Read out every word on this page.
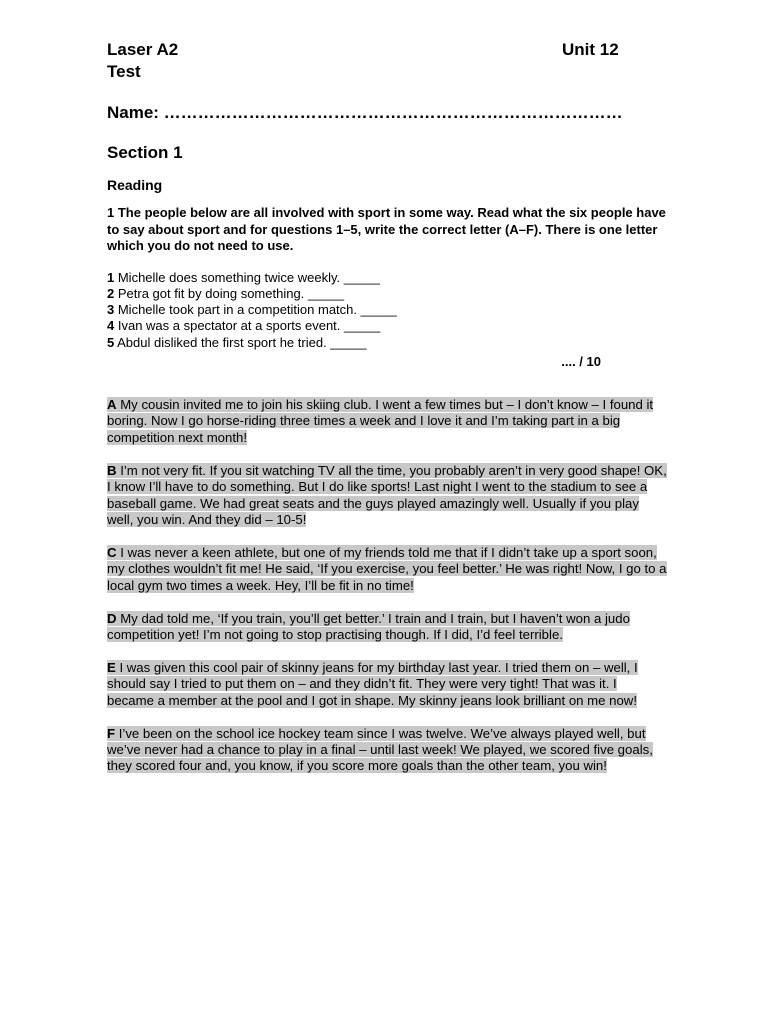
Laser A2	Unit 12
Test
Name: ………………………………………………………………………
Section 1
Reading
1 The people below are all involved with sport in some way. Read what the six people have to say about sport and for questions 1–5, write the correct letter (A–F). There is one letter which you do not need to use.
1 Michelle does something twice weekly. _____
2 Petra got fit by doing something. _____
3 Michelle took part in a competition match. _____
4 Ivan was a spectator at a sports event. _____
5 Abdul disliked the first sport he tried. _____
.... / 10

A My cousin invited me to join his skiing club. I went a few times but – I don’t know – I found it boring. Now I go horse-riding three times a week and I love it and I’m taking part in a big competition next month!

B I’m not very fit. If you sit watching TV all the time, you probably aren’t in very good shape! OK, I know I’ll have to do something. But I do like sports! Last night I went to the stadium to see a baseball game. We had great seats and the guys played amazingly well. Usually if you play well, you win. And they did – 10-5!

C I was never a keen athlete, but one of my friends told me that if I didn’t take up a sport soon, my clothes wouldn’t fit me! He said, ‘If you exercise, you feel better.’ He was right! Now, I go to a local gym two times a week. Hey, I’ll be fit in no time!

D My dad told me, ‘If you train, you’ll get better.’ I train and I train, but I haven’t won a judo competition yet! I’m not going to stop practising though. If I did, I’d feel terrible.

E I was given this cool pair of skinny jeans for my birthday last year. I tried them on – well, I should say I tried to put them on – and they didn’t fit. They were very tight! That was it. I became a member at the pool and I got in shape. My skinny jeans look brilliant on me now!

F I’ve been on the school ice hockey team since I was twelve. We’ve always played well, but we’ve never had a chance to play in a final – until last week! We played, we scored five goals, they scored four and, you know, if you score more goals than the other team, you win!
